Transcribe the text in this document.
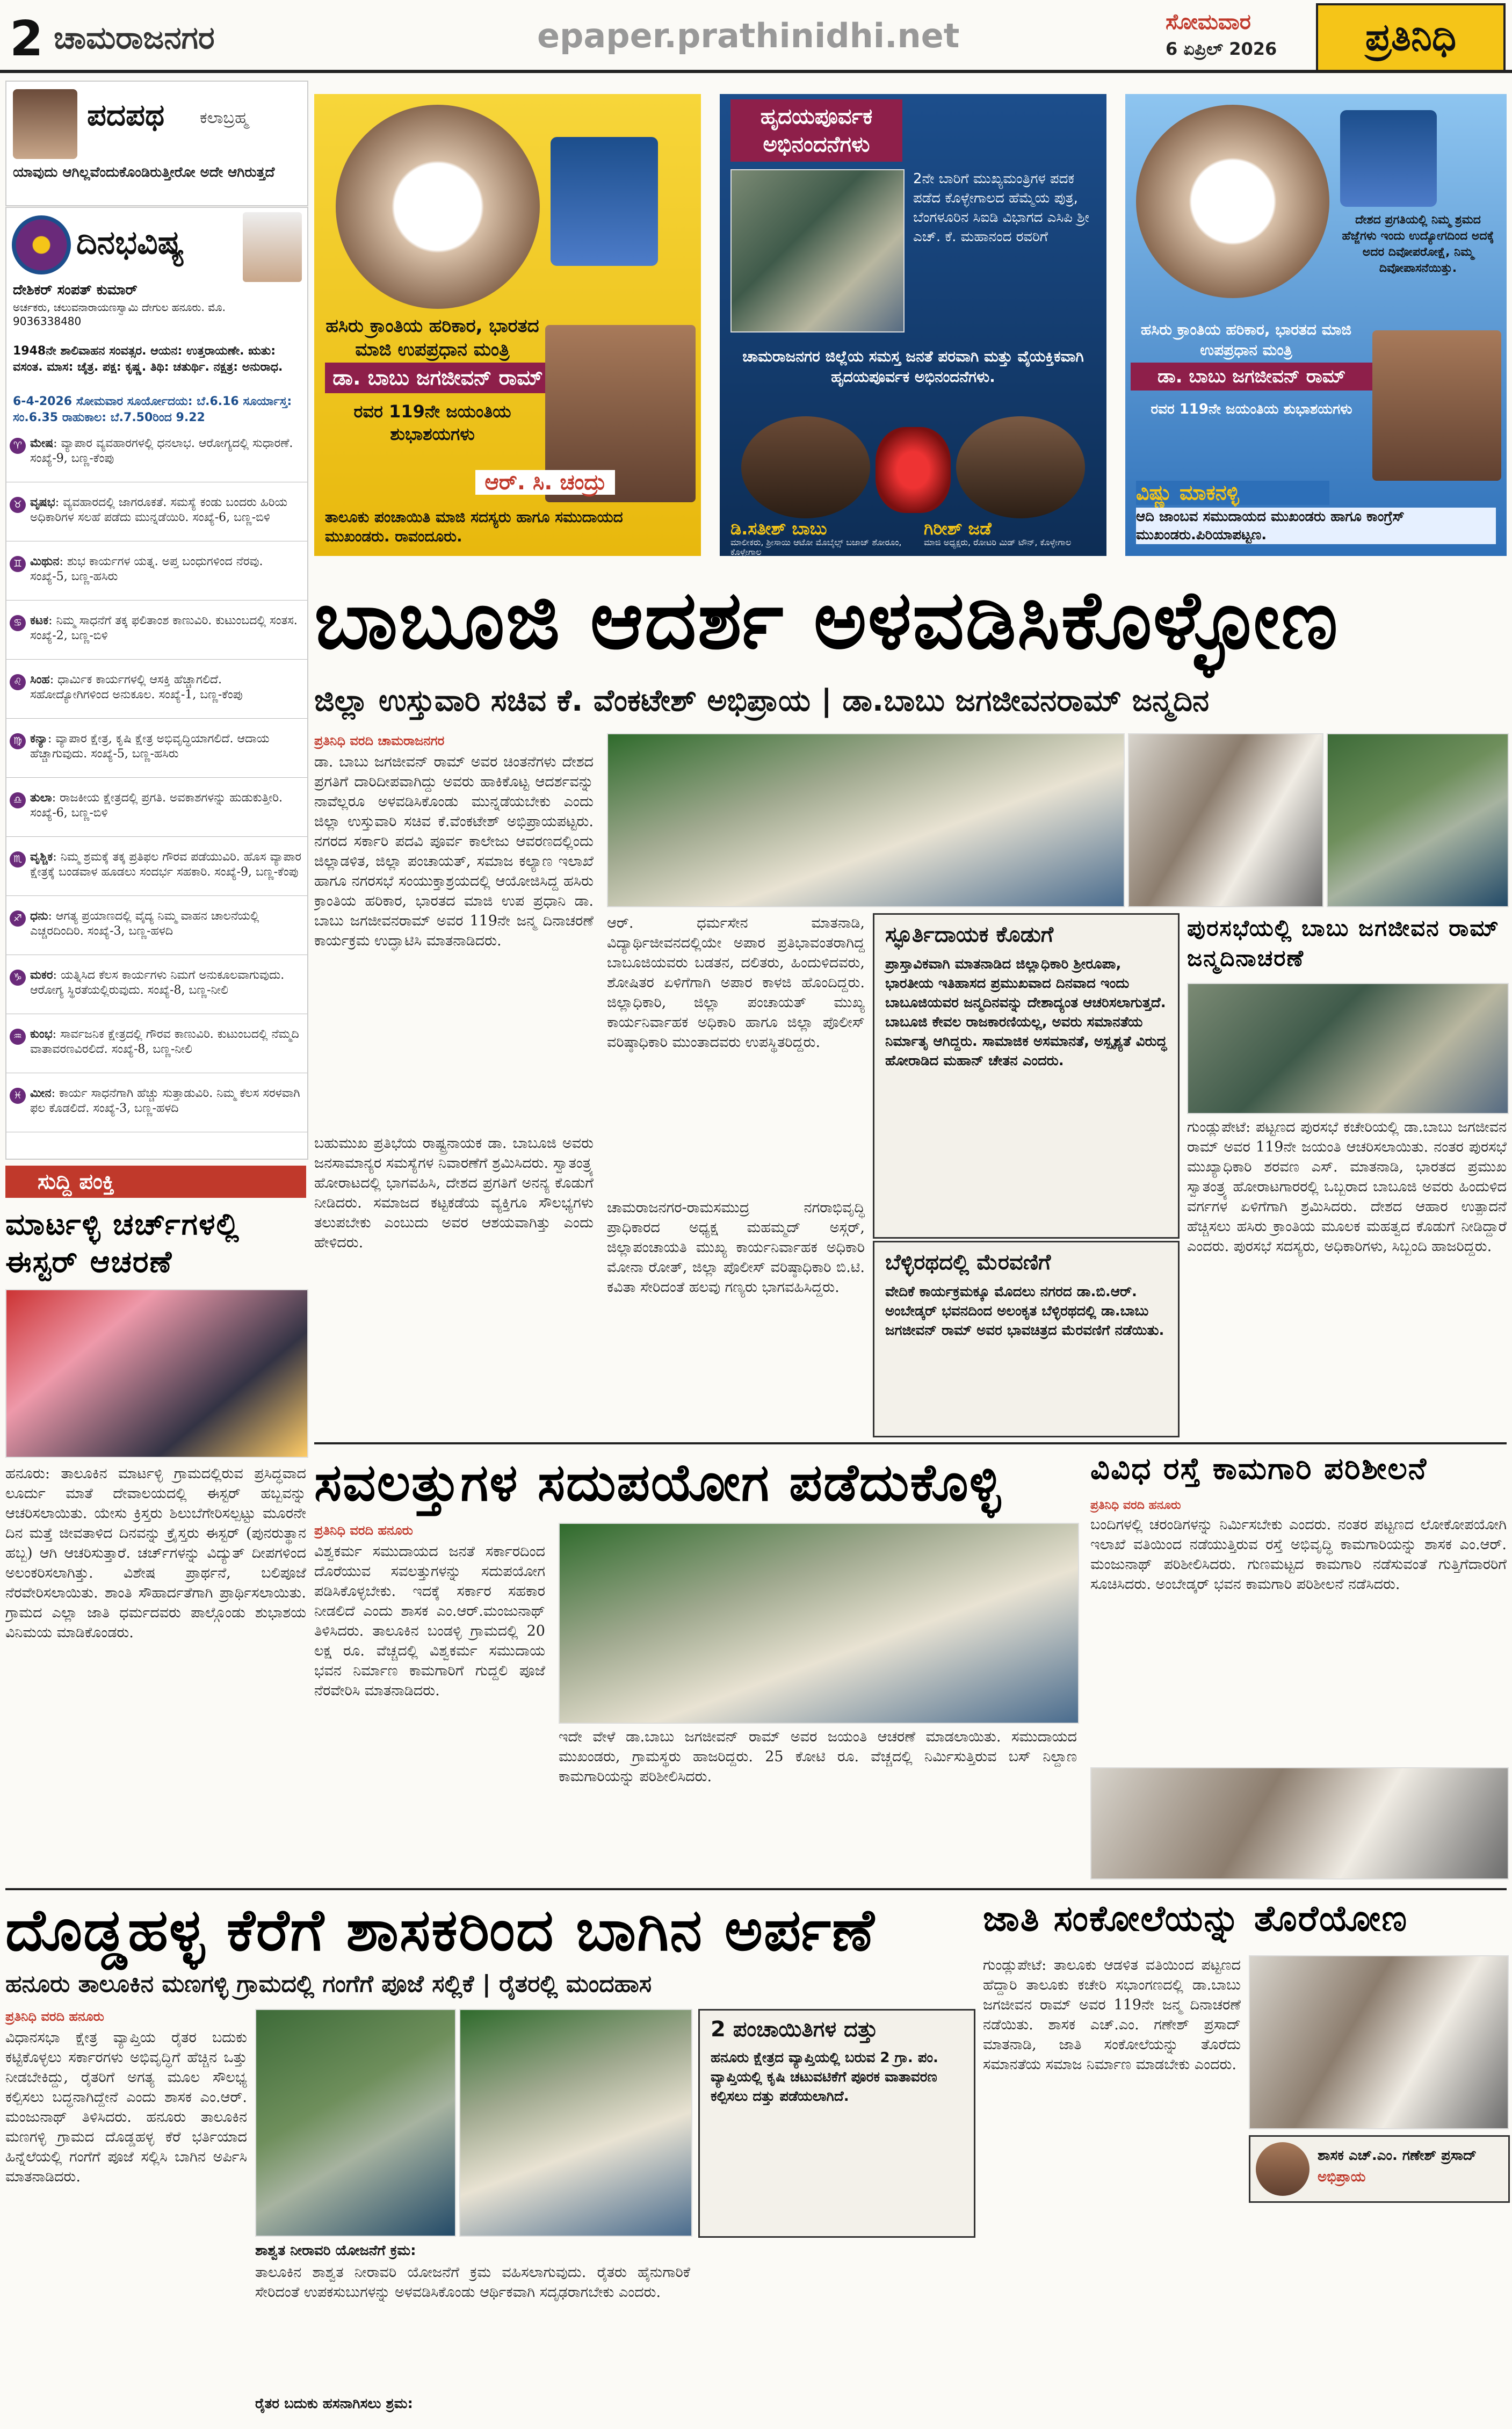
2 ಚಾಮರಾಜನಗರ	epaper.prathinidhi.net	ಸೋಮವಾರ
6 ಏಪ್ರಿಲ್ 2026	ಪ್ರತಿನಿಧಿ
ಪದಪಥ ಕಲಾಬ್ರಹ್ಮ
ಯಾವುದು ಆಗಿಲ್ಲವೆಂದುಕೊಂಡಿರುತ್ತೀರೋ ಅದೇ ಆಗಿರುತ್ತದೆ
ದಿನಭವಿಷ್ಯ
ದೇಶಿಕರ್ ಸಂಪತ್ ಕುಮಾರ್
ಅರ್ಚಕರು, ಚಲುವನಾರಾಯಣಸ್ವಾಮಿ ದೇಗುಲ ಹನೂರು. ಮೊ. 9036338480
1948ನೇ ಶಾಲಿವಾಹನ ಸಂವತ್ಸರ. ಆಯನ: ಉತ್ತರಾಯಣೇ. ಋತು: ವಸಂತ. ಮಾಸ: ಚೈತ್ರ. ಪಕ್ಷ: ಕೃಷ್ಣ. ತಿಥಿ: ಚತುರ್ಥಿ. ನಕ್ಷತ್ರ: ಅನುರಾಧ.
6-4-2026 ಸೋಮವಾರ ಸೂರ್ಯೋದಯ: ಬೆ.6.16 ಸೂರ್ಯಾಸ್ತ: ಸಂ.6.35 ರಾಹುಕಾಲ: ಬೆ.7.50ರಿಂದ 9.22
♈ ಮೇಷ: ವ್ಯಾಪಾರ ವ್ಯವಹಾರಗಳಲ್ಲಿ ಧನಲಾಭ. ಆರೋಗ್ಯದಲ್ಲಿ ಸುಧಾರಣೆ. ಸಂಖ್ಯೆ-9, ಬಣ್ಣ-ಕೆಂಪು
♉ ವೃಷಭ: ವ್ಯವಹಾರದಲ್ಲಿ ಜಾಗರೂಕತೆ. ಸಮಸ್ಯೆ ಕಂಡು ಬಂದರು ಹಿರಿಯ ಅಧಿಕಾರಿಗಳ ಸಲಹೆ ಪಡೆದು ಮುನ್ನಡೆಯಿರಿ. ಸಂಖ್ಯೆ-6, ಬಣ್ಣ-ಬಿಳಿ
♊ ಮಿಥುನ: ಶುಭ ಕಾರ್ಯಗಳ ಯತ್ನ. ಅಪ್ತ ಬಂಧುಗಳಿಂದ ನೆರವು. ಸಂಖ್ಯೆ-5, ಬಣ್ಣ-ಹಸಿರು
♋ ಕಟಕ: ನಿಮ್ಮ ಸಾಧನೆಗೆ ತಕ್ಕ ಫಲಿತಾಂಶ ಕಾಣುವಿರಿ. ಕುಟುಂಬದಲ್ಲಿ ಸಂತಸ. ಸಂಖ್ಯೆ-2, ಬಣ್ಣ-ಬಿಳಿ
♌ ಸಿಂಹ: ಧಾರ್ಮಿಕ ಕಾರ್ಯಗಳಲ್ಲಿ ಆಸಕ್ತಿ ಹೆಚ್ಚಾಗಲಿದೆ. ಸಹೋದ್ಯೋಗಿಗಳಿಂದ ಅನುಕೂಲ. ಸಂಖ್ಯೆ-1, ಬಣ್ಣ-ಕೆಂಪು
♍ ಕನ್ಯಾ: ವ್ಯಾಪಾರ ಕ್ಷೇತ್ರ, ಕೃಷಿ ಕ್ಷೇತ್ರ ಅಭಿವೃದ್ಧಿಯಾಗಲಿದೆ. ಆದಾಯ ಹೆಚ್ಚಾಗುವುದು. ಸಂಖ್ಯೆ-5, ಬಣ್ಣ-ಹಸಿರು
♎ ತುಲಾ: ರಾಜಕೀಯ ಕ್ಷೇತ್ರದಲ್ಲಿ ಪ್ರಗತಿ. ಅವಕಾಶಗಳನ್ನು ಹುಡುಕುತ್ತೀರಿ. ಸಂಖ್ಯೆ-6, ಬಣ್ಣ-ಬಿಳಿ
♏ ವೃಶ್ಚಿಕ: ನಿಮ್ಮ ಶ್ರಮಕ್ಕೆ ತಕ್ಕ ಪ್ರತಿಫಲ ಗೌರವ ಪಡೆಯುವಿರಿ. ಹೊಸ ವ್ಯಾಪಾರ ಕ್ಷೇತ್ರಕ್ಕೆ ಬಂಡವಾಳ ಹೂಡಲು ಸಂದರ್ಭ ಸಹಕಾರಿ. ಸಂಖ್ಯೆ-9, ಬಣ್ಣ-ಕೆಂಪು
♐ ಧನು: ಆಗತ್ಯ ಪ್ರಯಾಣದಲ್ಲಿ ವೈದ್ಯ ನಿಮ್ಮ ವಾಹನ ಚಾಲನೆಯಲ್ಲಿ ಎಚ್ಚರದಿಂದಿರಿ. ಸಂಖ್ಯೆ-3, ಬಣ್ಣ-ಹಳದಿ
♑ ಮಕರ: ಯತ್ನಿಸಿದ ಕೆಲಸ ಕಾರ್ಯಗಳು ನಿಮಗೆ ಅನುಕೂಲವಾಗುವುದು. ಆರೋಗ್ಯ ಸ್ಥಿರತೆಯಲ್ಲಿರುವುದು. ಸಂಖ್ಯೆ-8, ಬಣ್ಣ-ನೀಲಿ
♒ ಕುಂಭ: ಸಾರ್ವಜನಿಕ ಕ್ಷೇತ್ರದಲ್ಲಿ ಗೌರವ ಕಾಣುವಿರಿ. ಕುಟುಂಬದಲ್ಲಿ ನೆಮ್ಮದಿ ವಾತಾವರಣವಿರಲಿದೆ. ಸಂಖ್ಯೆ-8, ಬಣ್ಣ-ನೀಲಿ
♓ ಮೀನ: ಕಾರ್ಯ ಸಾಧನೆಗಾಗಿ ಹೆಚ್ಚು ಸುತ್ತಾಡುವಿರಿ. ನಿಮ್ಮ ಕೆಲಸ ಸರಳವಾಗಿ ಫಲ ಕೊಡಲಿದೆ. ಸಂಖ್ಯೆ-3, ಬಣ್ಣ-ಹಳದಿ
ಹಸಿರು ಕ್ರಾಂತಿಯ ಹರಿಕಾರ, ಭಾರತದ ಮಾಜಿ ಉಪಪ್ರಧಾನ ಮಂತ್ರಿ
ಡಾ. ಬಾಬು ಜಗಜೀವನ್ ರಾಮ್
ರವರ 119ನೇ ಜಯಂತಿಯ ಶುಭಾಶಯಗಳು
ಆರ್. ಸಿ. ಚಂದ್ರು
ತಾಲೂಕು ಪಂಚಾಯಿತಿ ಮಾಜಿ ಸದಸ್ಯರು ಹಾಗೂ ಸಮುದಾಯದ ಮುಖಂಡರು. ರಾವಂದೂರು.
ಹೃದಯಪೂರ್ವಕ ಅಭಿನಂದನೆಗಳು
2ನೇ ಬಾರಿಗೆ ಮುಖ್ಯಮಂತ್ರಿಗಳ ಪದಕ ಪಡೆದ ಕೊಳ್ಳೇಗಾಲದ ಹೆಮ್ಮೆಯ ಪುತ್ರ, ಬೆಂಗಳೂರಿನ ಸಿಐಡಿ ವಿಭಾಗದ ಎಸಿಪಿ ಶ್ರೀ ಎಚ್. ಕೆ. ಮಹಾನಂದ ರವರಿಗೆ
ಚಾಮರಾಜನಗರ ಜಿಲ್ಲೆಯ ಸಮಸ್ತ ಜನತೆ ಪರವಾಗಿ ಮತ್ತು ವೈಯಕ್ತಿಕವಾಗಿ ಹೃದಯಪೂರ್ವಕ ಅಭಿನಂದನೆಗಳು.
ಡಿ.ಸತೀಶ್ ಬಾಬು
ಮಾಲೀಕರು, ಶ್ರೀಸಾಯಿ ಆಟೋ ಮೊಬೈಲ್ಸ್ ಬಜಾಜ್ ಶೋರೂಂ, ಕೊಳ್ಳೇಗಾಲ
ಗಿರೀಶ್ ಜಡೆ
ಮಾಜಿ ಅಧ್ಯಕ್ಷರು, ರೋಟರಿ ಮಿಡ್ ಟೌನ್, ಕೊಳ್ಳೇಗಾಲ
ದೇಶದ ಪ್ರಗತಿಯಲ್ಲಿ ನಿಮ್ಮ ಶ್ರಮದ ಹೆಜ್ಜೆಗಳು ಇಂದು ಉದ್ಯೋಗದಿಂದ ಅದಕ್ಕೆ ಅದರ ದಿವೋಪರೋಕ್ಷೆ, ನಿಮ್ಮ ದಿವೋಪಾಸನೆಯಿತ್ತು.
ಹಸಿರು ಕ್ರಾಂತಿಯ ಹರಿಕಾರ, ಭಾರತದ ಮಾಜಿ ಉಪಪ್ರಧಾನ ಮಂತ್ರಿ
ಡಾ. ಬಾಬು ಜಗಜೀವನ್ ರಾಮ್
ರವರ 119ನೇ ಜಯಂತಿಯ ಶುಭಾಶಯಗಳು
ವಿಷ್ಣು ಮಾಕನಳ್ಳಿ
ಆದಿ ಜಾಂಬವ ಸಮುದಾಯದ ಮುಖಂಡರು ಹಾಗೂ ಕಾಂಗ್ರೆಸ್ ಮುಖಂಡರು.ಪಿರಿಯಾಪಟ್ಟಣ.
ಬಾಬೂಜಿ ಆದರ್ಶ ಅಳವಡಿಸಿಕೊಳ್ಳೋಣ
ಜಿಲ್ಲಾ ಉಸ್ತುವಾರಿ ಸಚಿವ ಕೆ. ವೆಂಕಟೇಶ್ ಅಭಿಪ್ರಾಯ | ಡಾ.ಬಾಬು ಜಗಜೀವನರಾಮ್ ಜನ್ಮದಿನ
ಪ್ರತಿನಿಧಿ ವರದಿ ಚಾಮರಾಜನಗರ
ಡಾ. ಬಾಬು ಜಗಜೀವನ್ ರಾಮ್ ಅವರ ಚಿಂತನೆಗಳು ದೇಶದ ಪ್ರಗತಿಗೆ ದಾರಿದೀಪವಾಗಿದ್ದು ಅವರು ಹಾಕಿಕೊಟ್ಟ ಆದರ್ಶವನ್ನು ನಾವೆಲ್ಲರೂ ಅಳವಡಿಸಿಕೊಂಡು ಮುನ್ನಡೆಯಬೇಕು ಎಂದು ಜಿಲ್ಲಾ ಉಸ್ತುವಾರಿ ಸಚಿವ ಕೆ.ವೆಂಕಟೇಶ್ ಅಭಿಪ್ರಾಯಪಟ್ಟರು. ನಗರದ ಸರ್ಕಾರಿ ಪದವಿ ಪೂರ್ವ ಕಾಲೇಜು ಆವರಣದಲ್ಲಿಂದು ಜಿಲ್ಲಾಡಳಿತ, ಜಿಲ್ಲಾ ಪಂಚಾಯತ್, ಸಮಾಜ ಕಲ್ಯಾಣ ಇಲಾಖೆ ಹಾಗೂ ನಗರಸಭೆ ಸಂಯುಕ್ತಾಶ್ರಯದಲ್ಲಿ ಆಯೋಜಿಸಿದ್ದ ಹಸಿರು ಕ್ರಾಂತಿಯ ಹರಿಕಾರ, ಭಾರತದ ಮಾಜಿ ಉಪ ಪ್ರಧಾನಿ ಡಾ. ಬಾಬು ಜಗಜೀವನರಾಮ್ ಅವರ 119ನೇ ಜನ್ಮ ದಿನಾಚರಣೆ ಕಾರ್ಯಕ್ರಮ ಉದ್ಘಾಟಿಸಿ ಮಾತನಾಡಿದರು.
ಬಹುಮುಖ ಪ್ರತಿಭೆಯ ರಾಷ್ಟ್ರನಾಯಕ ಡಾ. ಬಾಬೂಜಿ ಅವರು ಜನಸಾಮಾನ್ಯರ ಸಮಸ್ಯೆಗಳ ನಿವಾರಣೆಗೆ ಶ್ರಮಿಸಿದರು. ಸ್ವಾತಂತ್ರ್ಯ ಹೋರಾಟದಲ್ಲಿ ಭಾಗವಹಿಸಿ, ದೇಶದ ಪ್ರಗತಿಗೆ ಅನನ್ಯ ಕೊಡುಗೆ ನೀಡಿದರು. ಸಮಾಜದ ಕಟ್ಟಕಡೆಯ ವ್ಯಕ್ತಿಗೂ ಸೌಲಭ್ಯಗಳು ತಲುಪಬೇಕು ಎಂಬುದು ಅವರ ಆಶಯವಾಗಿತ್ತು ಎಂದು ಹೇಳಿದರು.
ಆರ್. ಧರ್ಮಸೇನ ಮಾತನಾಡಿ, ವಿದ್ಯಾರ್ಥಿಜೀವನದಲ್ಲಿಯೇ ಅಪಾರ ಪ್ರತಿಭಾವಂತರಾಗಿದ್ದ ಬಾಬೂಜಿಯವರು ಬಡತನ, ದಲಿತರು, ಹಿಂದುಳಿದವರು, ಶೋಷಿತರ ಏಳಿಗೆಗಾಗಿ ಅಪಾರ ಕಾಳಜಿ ಹೊಂದಿದ್ದರು. ಜಿಲ್ಲಾಧಿಕಾರಿ, ಜಿಲ್ಲಾ ಪಂಚಾಯತ್ ಮುಖ್ಯ ಕಾರ್ಯನಿರ್ವಾಹಕ ಅಧಿಕಾರಿ ಹಾಗೂ ಜಿಲ್ಲಾ ಪೊಲೀಸ್ ವರಿಷ್ಠಾಧಿಕಾರಿ ಮುಂತಾದವರು ಉಪಸ್ಥಿತರಿದ್ದರು.
ಚಾಮರಾಜನಗರ-ರಾಮಸಮುದ್ರ ನಗರಾಭಿವೃದ್ಧಿ ಪ್ರಾಧಿಕಾರದ ಅಧ್ಯಕ್ಷ ಮಹಮ್ಮದ್ ಅಸ್ಗರ್, ಜಿಲ್ಲಾಪಂಚಾಯತಿ ಮುಖ್ಯ ಕಾರ್ಯನಿರ್ವಾಹಕ ಅಧಿಕಾರಿ ಮೋನಾ ರೋತ್, ಜಿಲ್ಲಾ ಪೊಲೀಸ್ ವರಿಷ್ಠಾಧಿಕಾರಿ ಬಿ.ಟಿ. ಕವಿತಾ ಸೇರಿದಂತೆ ಹಲವು ಗಣ್ಯರು ಭಾಗವಹಿಸಿದ್ದರು.
ಸ್ಫೂರ್ತಿದಾಯಕ ಕೊಡುಗೆ
ಪ್ರಾಸ್ತಾವಿಕವಾಗಿ ಮಾತನಾಡಿದ ಜಿಲ್ಲಾಧಿಕಾರಿ ಶ್ರೀರೂಪಾ, ಭಾರತೀಯ ಇತಿಹಾಸದ ಪ್ರಮುಖವಾದ ದಿನವಾದ ಇಂದು ಬಾಬೂಜಿಯವರ ಜನ್ಮದಿನವನ್ನು ದೇಶಾದ್ಯಂತ ಆಚರಿಸಲಾಗುತ್ತದೆ. ಬಾಬೂಜಿ ಕೇವಲ ರಾಜಕಾರಣಿಯಲ್ಲ, ಅವರು ಸಮಾನತೆಯ ನಿರ್ಮಾತೃ ಆಗಿದ್ದರು. ಸಾಮಾಜಿಕ ಅಸಮಾನತೆ, ಅಸ್ಪೃಶ್ಯತೆ ವಿರುದ್ಧ ಹೋರಾಡಿದ ಮಹಾನ್ ಚೇತನ ಎಂದರು.
ಬೆಳ್ಳಿರಥದಲ್ಲಿ ಮೆರವಣಿಗೆ
ವೇದಿಕೆ ಕಾರ್ಯಕ್ರಮಕ್ಕೂ ಮೊದಲು ನಗರದ ಡಾ.ಬಿ.ಆರ್. ಅಂಬೇಡ್ಕರ್ ಭವನದಿಂದ ಅಲಂಕೃತ ಬೆಳ್ಳಿರಥದಲ್ಲಿ ಡಾ.ಬಾಬು ಜಗಜೀವನ್ ರಾಮ್ ಅವರ ಭಾವಚಿತ್ರದ ಮೆರವಣಿಗೆ ನಡೆಯಿತು.
ಸುದ್ದಿ ಪಂಕ್ತಿ
ಮಾರ್ಟಳ್ಳಿ ಚರ್ಚ್‌ಗಳಲ್ಲಿ ಈಸ್ಟರ್ ಆಚರಣೆ
ಹನೂರು: ತಾಲೂಕಿನ ಮಾರ್ಟಳ್ಳಿ ಗ್ರಾಮದಲ್ಲಿರುವ ಪ್ರಸಿದ್ಧವಾದ ಲೂರ್ದು ಮಾತೆ ದೇವಾಲಯದಲ್ಲಿ ಈಸ್ಟರ್ ಹಬ್ಬವನ್ನು ಆಚರಿಸಲಾಯಿತು. ಯೇಸು ಕ್ರಿಸ್ತರು ಶಿಲುಬೆಗೇರಿಸಲ್ಪಟ್ಟು ಮೂರನೇ ದಿನ ಮತ್ತೆ ಜೀವತಾಳಿದ ದಿನವನ್ನು ಕ್ರೈಸ್ತರು ಈಸ್ಟರ್ (ಪುನರುತ್ಥಾನ ಹಬ್ಬ) ಆಗಿ ಆಚರಿಸುತ್ತಾರೆ. ಚರ್ಚ್‌ಗಳನ್ನು ವಿದ್ಯುತ್ ದೀಪಗಳಿಂದ ಅಲಂಕರಿಸಲಾಗಿತ್ತು. ವಿಶೇಷ ಪ್ರಾರ್ಥನೆ, ಬಲಿಪೂಜೆ ನೆರವೇರಿಸಲಾಯಿತು. ಶಾಂತಿ ಸೌಹಾರ್ದತೆಗಾಗಿ ಪ್ರಾರ್ಥಿಸಲಾಯಿತು. ಗ್ರಾಮದ ಎಲ್ಲಾ ಜಾತಿ ಧರ್ಮದವರು ಪಾಲ್ಗೊಂಡು ಶುಭಾಶಯ ವಿನಿಮಯ ಮಾಡಿಕೊಂಡರು.
ಪುರಸಭೆಯಲ್ಲಿ ಬಾಬು ಜಗಜೀವನ ರಾಮ್ ಜನ್ಮದಿನಾಚರಣೆ
ಗುಂಡ್ಲುಪೇಟೆ: ಪಟ್ಟಣದ ಪುರಸಭೆ ಕಚೇರಿಯಲ್ಲಿ ಡಾ.ಬಾಬು ಜಗಜೀವನ ರಾಮ್ ಅವರ 119ನೇ ಜಯಂತಿ ಆಚರಿಸಲಾಯಿತು. ನಂತರ ಪುರಸಭೆ ಮುಖ್ಯಾಧಿಕಾರಿ ಶರವಣ ಎಸ್. ಮಾತನಾಡಿ, ಭಾರತದ ಪ್ರಮುಖ ಸ್ವಾತಂತ್ರ್ಯ ಹೋರಾಟಗಾರರಲ್ಲಿ ಒಬ್ಬರಾದ ಬಾಬೂಜಿ ಅವರು ಹಿಂದುಳಿದ ವರ್ಗಗಳ ಏಳಿಗೆಗಾಗಿ ಶ್ರಮಿಸಿದರು. ದೇಶದ ಆಹಾರ ಉತ್ಪಾದನೆ ಹೆಚ್ಚಿಸಲು ಹಸಿರು ಕ್ರಾಂತಿಯ ಮೂಲಕ ಮಹತ್ವದ ಕೊಡುಗೆ ನೀಡಿದ್ದಾರೆ ಎಂದರು. ಪುರಸಭೆ ಸದಸ್ಯರು, ಅಧಿಕಾರಿಗಳು, ಸಿಬ್ಬಂದಿ ಹಾಜರಿದ್ದರು.
ಸವಲತ್ತುಗಳ ಸದುಪಯೋಗ ಪಡೆದುಕೊಳ್ಳಿ
ಪ್ರತಿನಿಧಿ ವರದಿ ಹನೂರು
ವಿಶ್ವಕರ್ಮ ಸಮುದಾಯದ ಜನತೆ ಸರ್ಕಾರದಿಂದ ದೊರೆಯುವ ಸವಲತ್ತುಗಳನ್ನು ಸದುಪಯೋಗ ಪಡಿಸಿಕೊಳ್ಳಬೇಕು. ಇದಕ್ಕೆ ಸರ್ಕಾರ ಸಹಕಾರ ನೀಡಲಿದೆ ಎಂದು ಶಾಸಕ ಎಂ.ಆರ್.ಮಂಜುನಾಥ್ ತಿಳಿಸಿದರು. ತಾಲೂಕಿನ ಬಂಡಳ್ಳಿ ಗ್ರಾಮದಲ್ಲಿ 20 ಲಕ್ಷ ರೂ. ವೆಚ್ಚದಲ್ಲಿ ವಿಶ್ವಕರ್ಮ ಸಮುದಾಯ ಭವನ ನಿರ್ಮಾಣ ಕಾಮಗಾರಿಗೆ ಗುದ್ದಲಿ ಪೂಜೆ ನೆರವೇರಿಸಿ ಮಾತನಾಡಿದರು.
ಇದೇ ವೇಳೆ ಡಾ.ಬಾಬು ಜಗಜೀವನ್ ರಾಮ್ ಅವರ ಜಯಂತಿ ಆಚರಣೆ ಮಾಡಲಾಯಿತು. ಸಮುದಾಯದ ಮುಖಂಡರು, ಗ್ರಾಮಸ್ಥರು ಹಾಜರಿದ್ದರು. 25 ಕೋಟಿ ರೂ. ವೆಚ್ಚದಲ್ಲಿ ನಿರ್ಮಿಸುತ್ತಿರುವ ಬಸ್ ನಿಲ್ದಾಣ ಕಾಮಗಾರಿಯನ್ನು ಪರಿಶೀಲಿಸಿದರು.
ವಿವಿಧ ರಸ್ತೆ ಕಾಮಗಾರಿ ಪರಿಶೀಲನೆ
ಪ್ರತಿನಿಧಿ ವರದಿ ಹನೂರು
ಬಂದಿಗಳಲ್ಲಿ ಚರಂಡಿಗಳನ್ನು ನಿರ್ಮಿಸಬೇಕು ಎಂದರು. ನಂತರ ಪಟ್ಟಣದ ಲೋಕೋಪಯೋಗಿ ಇಲಾಖೆ ವತಿಯಿಂದ ನಡೆಯುತ್ತಿರುವ ರಸ್ತೆ ಅಭಿವೃದ್ಧಿ ಕಾಮಗಾರಿಯನ್ನು ಶಾಸಕ ಎಂ.ಆರ್. ಮಂಜುನಾಥ್ ಪರಿಶೀಲಿಸಿದರು. ಗುಣಮಟ್ಟದ ಕಾಮಗಾರಿ ನಡೆಸುವಂತೆ ಗುತ್ತಿಗೆದಾರರಿಗೆ ಸೂಚಿಸಿದರು. ಅಂಬೇಡ್ಕರ್ ಭವನ ಕಾಮಗಾರಿ ಪರಿಶೀಲನೆ ನಡೆಸಿದರು.
ದೊಡ್ಡಹಳ್ಳ ಕೆರೆಗೆ ಶಾಸಕರಿಂದ ಬಾಗಿನ ಅರ್ಪಣೆ
ಹನೂರು ತಾಲೂಕಿನ ಮಣಗಳ್ಳಿ ಗ್ರಾಮದಲ್ಲಿ ಗಂಗೆಗೆ ಪೂಜೆ ಸಲ್ಲಿಕೆ | ರೈತರಲ್ಲಿ ಮಂದಹಾಸ
ಪ್ರತಿನಿಧಿ ವರದಿ ಹನೂರು
ವಿಧಾನಸಭಾ ಕ್ಷೇತ್ರ ವ್ಯಾಪ್ತಿಯ ರೈತರ ಬದುಕು ಕಟ್ಟಿಕೊಳ್ಳಲು ಸರ್ಕಾರಗಳು ಅಭಿವೃದ್ಧಿಗೆ ಹೆಚ್ಚಿನ ಒತ್ತು ನೀಡಬೇಕಿದ್ದು, ರೈತರಿಗೆ ಅಗತ್ಯ ಮೂಲ ಸೌಲಭ್ಯ ಕಲ್ಪಿಸಲು ಬದ್ಧನಾಗಿದ್ದೇನೆ ಎಂದು ಶಾಸಕ ಎಂ.ಆರ್. ಮಂಜುನಾಥ್ ತಿಳಿಸಿದರು. ಹನೂರು ತಾಲೂಕಿನ ಮಣಗಳ್ಳಿ ಗ್ರಾಮದ ದೊಡ್ಡಹಳ್ಳ ಕೆರೆ ಭರ್ತಿಯಾದ ಹಿನ್ನೆಲೆಯಲ್ಲಿ ಗಂಗೆಗೆ ಪೂಜೆ ಸಲ್ಲಿಸಿ ಬಾಗಿನ ಅರ್ಪಿಸಿ ಮಾತನಾಡಿದರು.
ಶಾಶ್ವತ ನೀರಾವರಿ ಯೋಜನೆಗೆ ಕ್ರಮ:
ತಾಲೂಕಿನ ಶಾಶ್ವತ ನೀರಾವರಿ ಯೋಜನೆಗೆ ಕ್ರಮ ವಹಿಸಲಾಗುವುದು. ರೈತರು ಹೈನುಗಾರಿಕೆ ಸೇರಿದಂತೆ ಉಪಕಸುಬುಗಳನ್ನು ಅಳವಡಿಸಿಕೊಂಡು ಆರ್ಥಿಕವಾಗಿ ಸದೃಢರಾಗಬೇಕು ಎಂದರು.
ರೈತರ ಬದುಕು ಹಸನಾಗಿಸಲು ಶ್ರಮ:
2 ಪಂಚಾಯಿತಿಗಳ ದತ್ತು
ಹನೂರು ಕ್ಷೇತ್ರದ ವ್ಯಾಪ್ತಿಯಲ್ಲಿ ಬರುವ 2 ಗ್ರಾ. ಪಂ. ವ್ಯಾಪ್ತಿಯಲ್ಲಿ ಕೃಷಿ ಚಟುವಟಿಕೆಗೆ ಪೂರಕ ವಾತಾವರಣ ಕಲ್ಪಿಸಲು ದತ್ತು ಪಡೆಯಲಾಗಿದೆ.
ಜಾತಿ ಸಂಕೋಲೆಯನ್ನು ತೊರೆಯೋಣ
ಗುಂಡ್ಲುಪೇಟೆ: ತಾಲೂಕು ಆಡಳಿತ ವತಿಯಿಂದ ಪಟ್ಟಣದ ಹೆದ್ದಾರಿ ತಾಲೂಕು ಕಚೇರಿ ಸಭಾಂಗಣದಲ್ಲಿ ಡಾ.ಬಾಬು ಜಗಜೀವನ ರಾಮ್ ಅವರ 119ನೇ ಜನ್ಮ ದಿನಾಚರಣೆ ನಡೆಯಿತು. ಶಾಸಕ ಎಚ್.ಎಂ. ಗಣೇಶ್ ಪ್ರಸಾದ್ ಮಾತನಾಡಿ, ಜಾತಿ ಸಂಕೋಲೆಯನ್ನು ತೊರೆದು ಸಮಾನತೆಯ ಸಮಾಜ ನಿರ್ಮಾಣ ಮಾಡಬೇಕು ಎಂದರು.
ಶಾಸಕ ಎಚ್.ಎಂ. ಗಣೇಶ್ ಪ್ರಸಾದ್
ಅಭಿಪ್ರಾಯ
